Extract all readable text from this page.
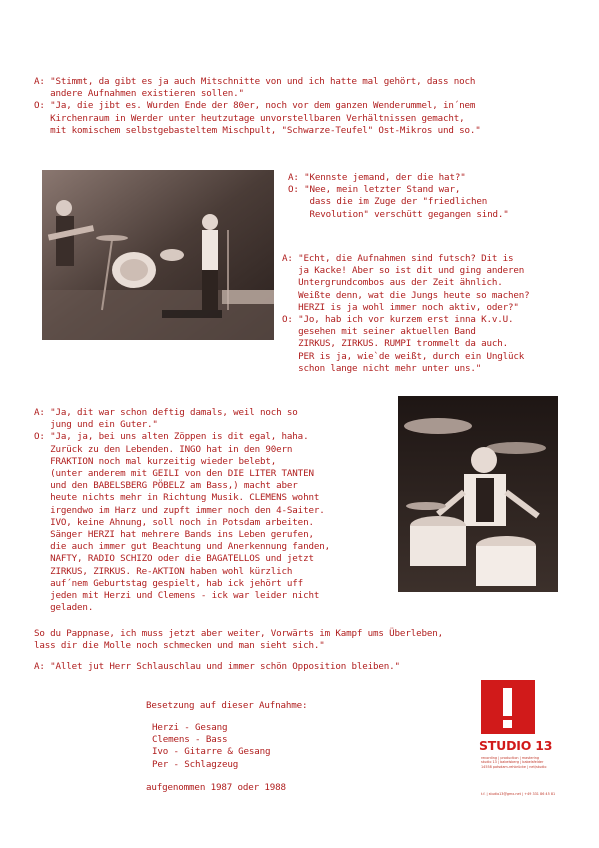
A: "Stimmt, da gibt es ja auch Mitschnitte von und ich hatte mal gehört, dass noch
andere Aufnahmen existieren sollen."
O: "Ja, die jibt es. Wurden Ende der 80er, noch vor dem ganzen Wenderummel, in´nem
Kirchenraum in Werder unter heutzutage unvorstellbaren Verhältnissen gemacht,
mit komischem selbstgebasteltem Mischpult, "Schwarze-Teufel" Ost-Mikros und so."
A: "Kennste jemand, der die hat?"
O: "Nee, mein letzter Stand war,
dass die im Zuge der "friedlichen
Revolution" verschütt gegangen sind."
A: "Echt, die Aufnahmen sind futsch? Dit is
ja Kacke! Aber so ist dit und ging anderen
Untergrundcombos aus der Zeit ähnlich.
Weißte denn, wat die Jungs heute so machen?
HERZI is ja wohl immer noch aktiv, oder?"
O: "Jo, hab ich vor kurzem erst inna K.v.U.
gesehen mit seiner aktuellen Band
ZIRKUS, ZIRKUS. RUMPI trommelt da auch.
PER is ja, wie`de weißt, durch ein Unglück
schon lange nicht mehr unter uns."
A: "Ja, dit war schon deftig damals, weil noch so
jung und ein Guter."
O: "Ja, ja, bei uns alten Zöppen is dit egal, haha.
Zurück zu den Lebenden. INGO hat in den 90ern
FRAKTION noch mal kurzeitig wieder belebt,
(unter anderem mit GEILI von den DIE LITER TANTEN
und den BABELSBERG PÖBELZ am Bass,) macht aber
heute nichts mehr in Richtung Musik. CLEMENS wohnt
irgendwo im Harz und zupft immer noch den 4-Saiter.
IVO, keine Ahnung, soll noch in Potsdam arbeiten.
Sänger HERZI hat mehrere Bands ins Leben gerufen,
die auch immer gut Beachtung und Anerkennung fanden,
NAFTY, RADIO SCHIZO oder die BAGATELLOS und jetzt
ZIRKUS, ZIRKUS. Re-AKTION haben wohl kürzlich
auf´nem Geburtstag gespielt, hab ick jehört uff
jeden mit Herzi und Clemens - ick war leider nicht
geladen.
So du Pappnase, ich muss jetzt aber weiter, Vorwärts im Kampf ums Überleben,
lass dir die Molle noch schmecken und man sieht sich."
A: "Allet jut Herr Schlauschlau und immer schön Opposition bleiben."
Besetzung auf dieser Aufnahme:
Herzi - Gesang
Clemens - Bass
Ivo - Gitarre & Gesang
Per - Schlagzeug
aufgenommen 1987 oder 1988
STUDIO 13
recording | production | mastering studio 13 | babelsberg | babelsfelder 14558 potsdam-rehbrücke | net/studio
t.f. | studio13@gmx.net | +49 331 86 45 81
